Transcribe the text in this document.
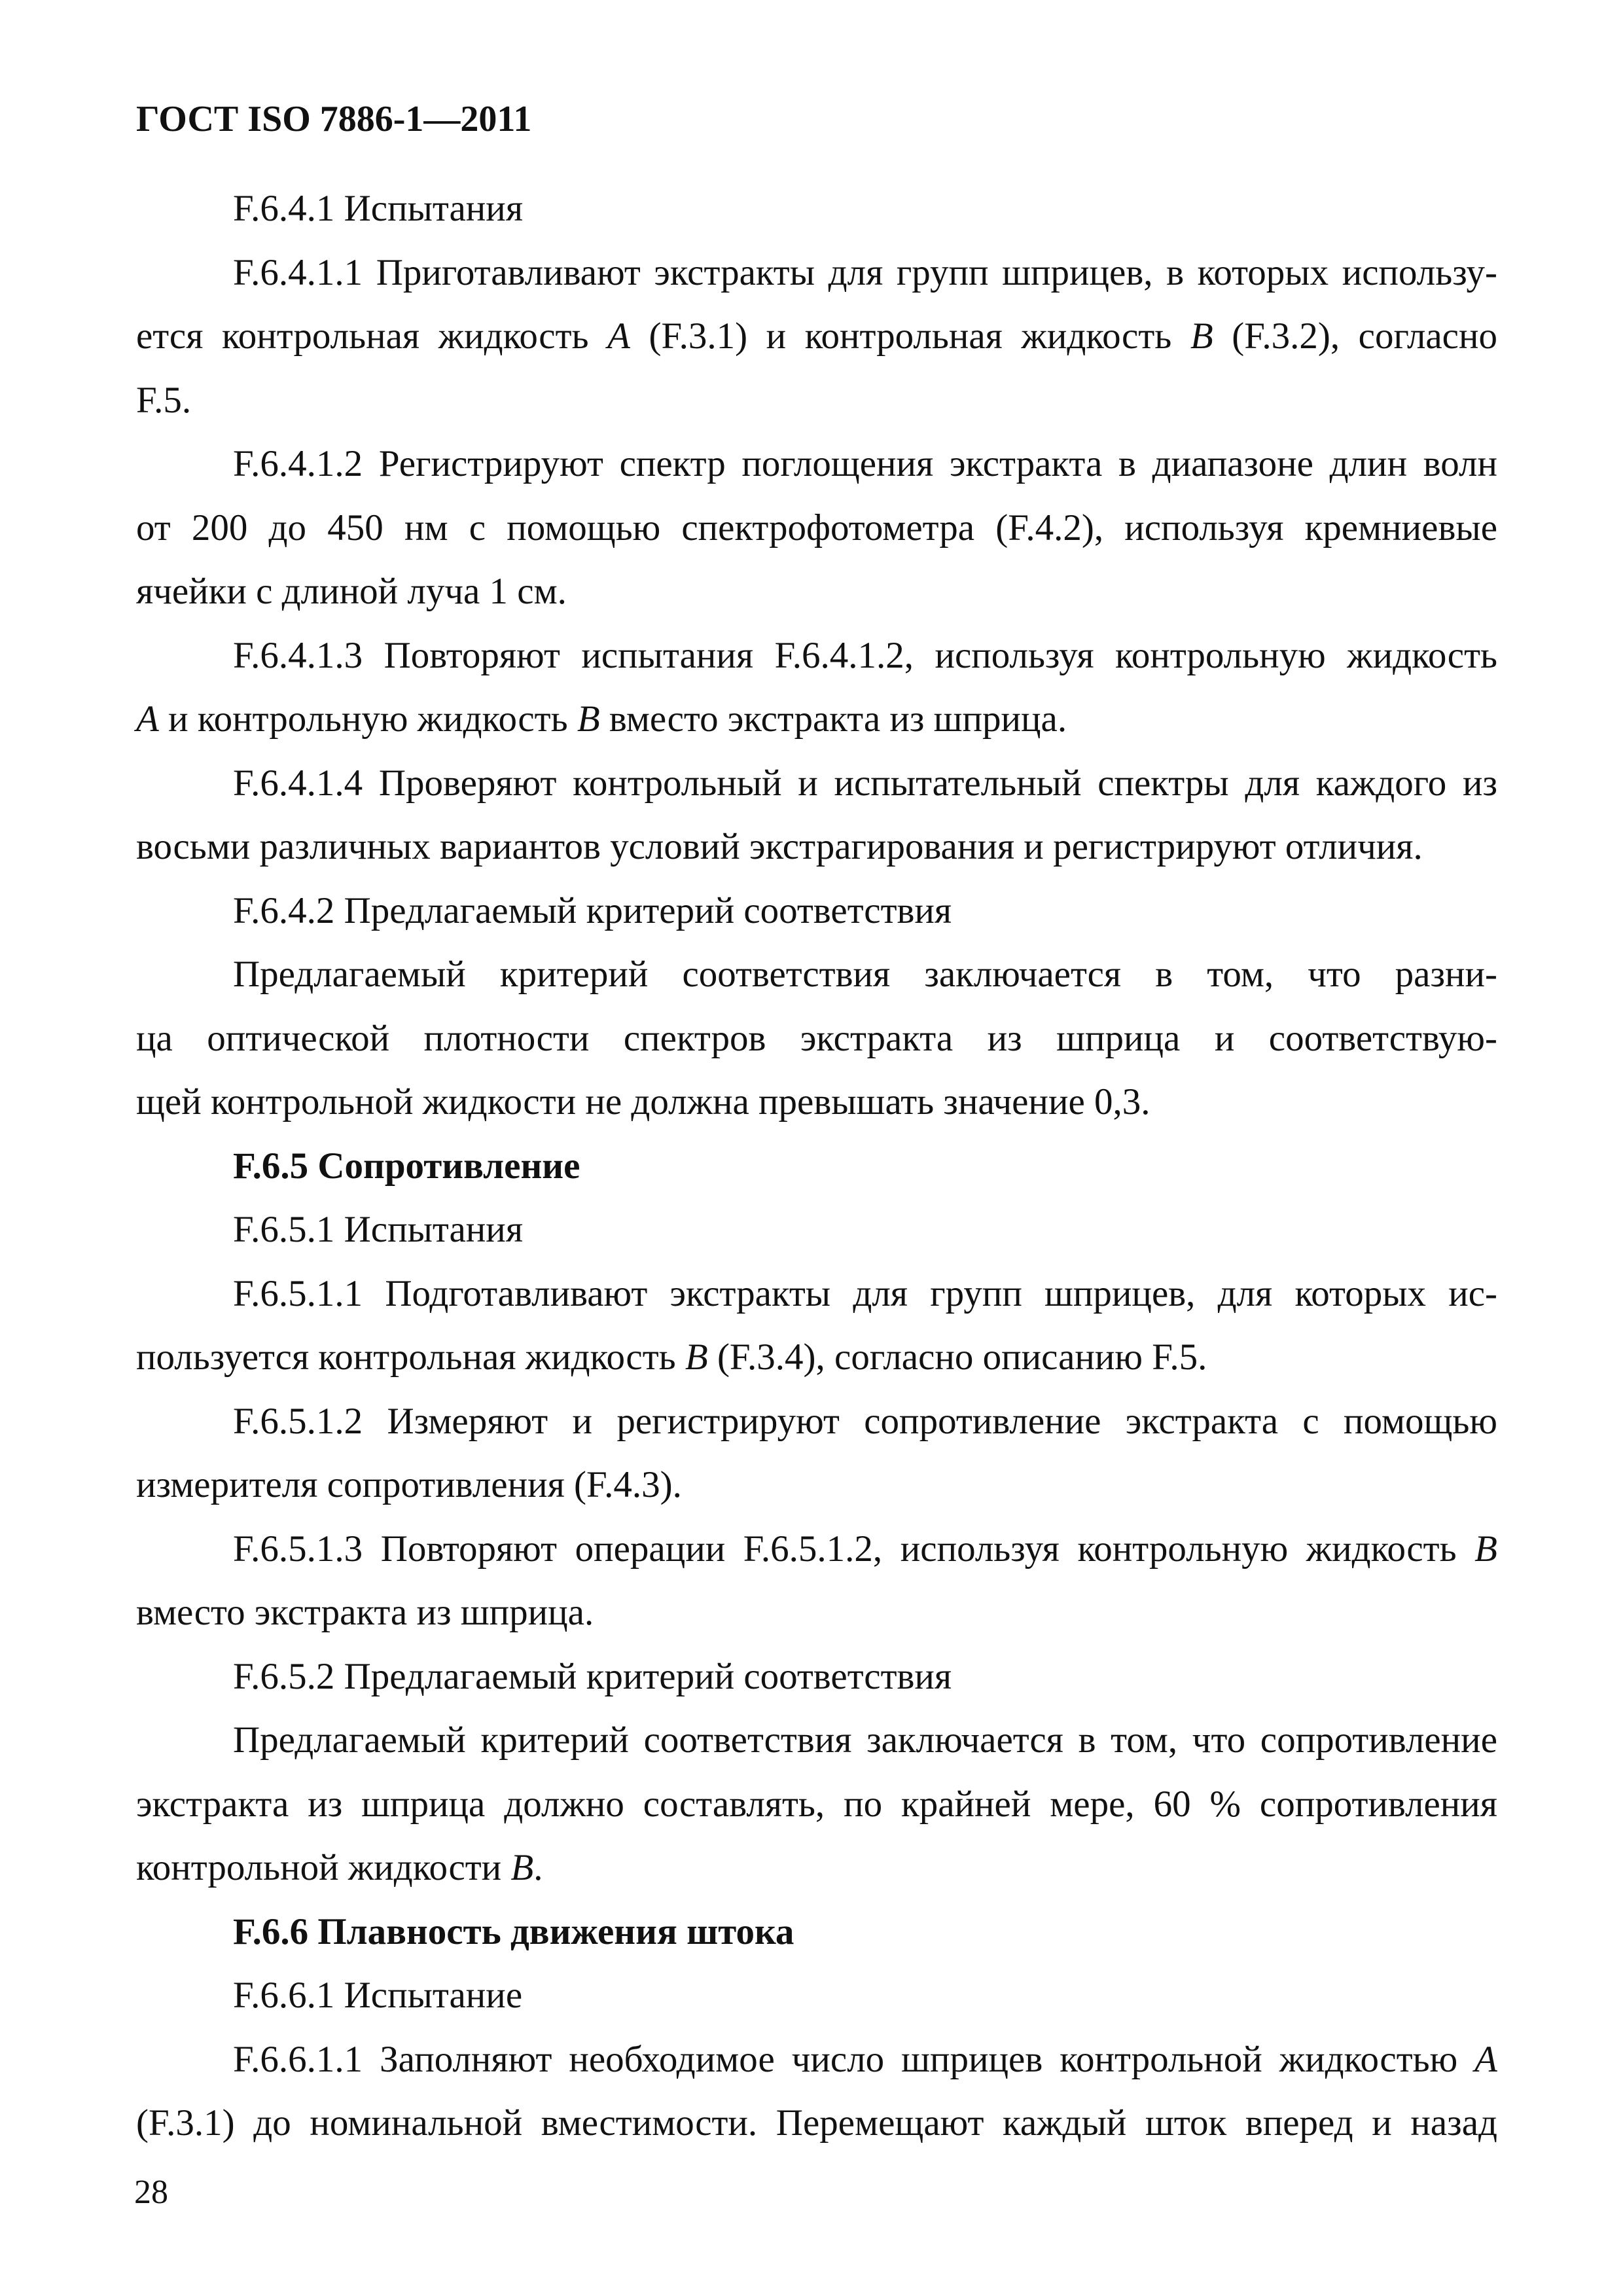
ГОСТ ISO 7886-1—2011
F.6.4.1 Испытания
F.6.4.1.1 Приготавливают экстракты для групп шприцев, в которых использу-
ется контрольная жидкость A (F.3.1) и контрольная жидкость B (F.3.2), согласно
F.5.
F.6.4.1.2 Регистрируют спектр поглощения экстракта в диапазоне длин волн
от 200 до 450 нм с помощью спектрофотометра (F.4.2), используя кремниевые
ячейки с длиной луча 1 см.
F.6.4.1.3 Повторяют испытания F.6.4.1.2, используя контрольную жидкость
A и контрольную жидкость B вместо экстракта из шприца.
F.6.4.1.4 Проверяют контрольный и испытательный спектры для каждого из
восьми различных вариантов условий экстрагирования и регистрируют отличия.
F.6.4.2 Предлагаемый критерий соответствия
Предлагаемый критерий соответствия заключается в том, что разни-
ца оптической плотности спектров экстракта из шприца и соответствую-
щей контрольной жидкости не должна превышать значение 0,3.
F.6.5 Сопротивление
F.6.5.1 Испытания
F.6.5.1.1 Подготавливают экстракты для групп шприцев, для которых ис-
пользуется контрольная жидкость B (F.3.4), согласно описанию F.5.
F.6.5.1.2 Измеряют и регистрируют сопротивление экстракта с помощью
измерителя сопротивления (F.4.3).
F.6.5.1.3 Повторяют операции F.6.5.1.2, используя контрольную жидкость B
вместо экстракта из шприца.
F.6.5.2 Предлагаемый критерий соответствия
Предлагаемый критерий соответствия заключается в том, что сопротивление
экстракта из шприца должно составлять, по крайней мере, 60 % сопротивления
контрольной жидкости B.
F.6.6 Плавность движения штока
F.6.6.1 Испытание
F.6.6.1.1 Заполняют необходимое число шприцев контрольной жидкостью A
(F.3.1) до номинальной вместимости. Перемещают каждый шток вперед и назад
28
